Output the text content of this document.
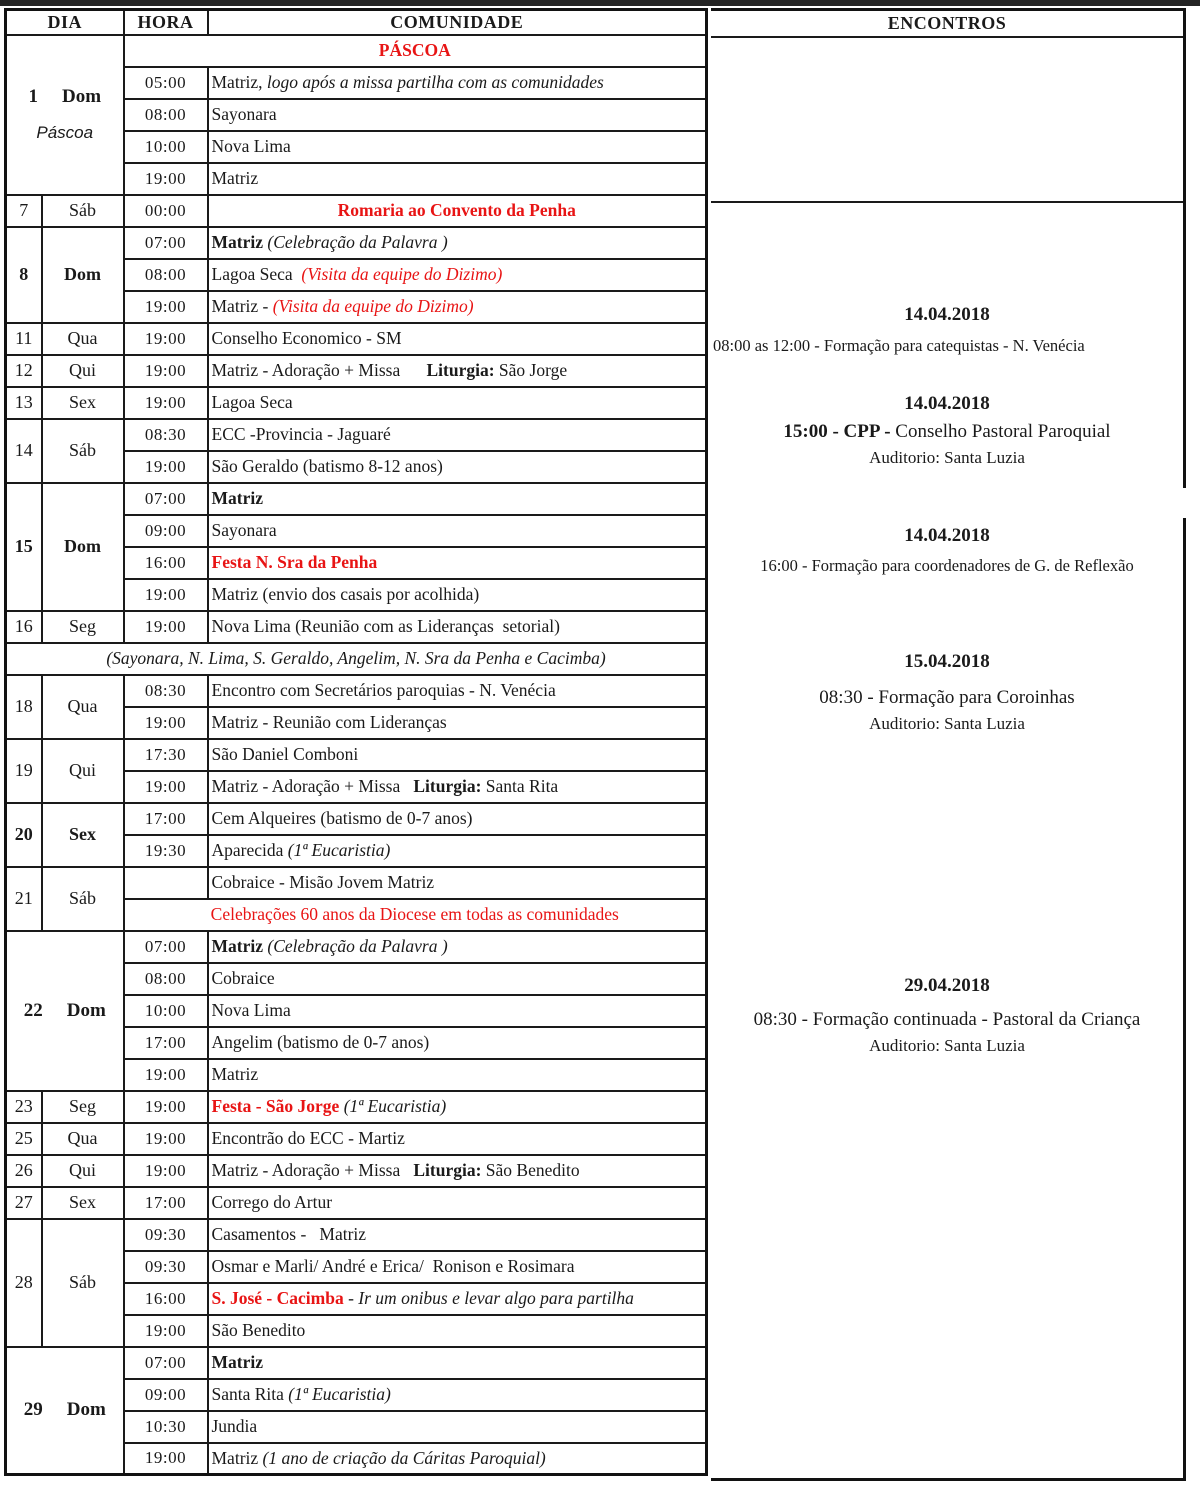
DIA		HORA	COMUNIDADE

1 Dom
Páscoa		PÁSCOA	
		05:00	Matriz, logo após a missa partilha com as comunidades
		08:00	Sayonara
		10:00	Nova Lima
		19:00	Matriz
7	Sáb	00:00	Romaria ao Convento da Penha
8	Dom	07:00	Matriz (Celebração da Palavra )
		08:00	Lagoa Seca  (Visita da equipe do Dizimo)
		19:00	Matriz - (Visita da equipe do Dizimo)
11	Qua	19:00	Conselho Economico - SM
12	Qui	19:00	Matriz - Adoração + Missa      Liturgia: São Jorge
13	Sex	19:00	Lagoa Seca
14	Sáb	08:30	ECC -Provincia - Jaguaré
		19:00	São Geraldo (batismo 8-12 anos)
15	Dom	07:00	Matriz
		09:00	Sayonara
		16:00	Festa N. Sra da Penha
		19:00	Matriz (envio dos casais por acolhida)
16	Seg	19:00	Nova Lima (Reunião com as Lideranças  setorial)
(Sayonara, N. Lima, S. Geraldo, Angelim, N. Sra da Penha e Cacimba)			
18	Qua	08:30	Encontro com Secretários paroquias - N. Venécia
		19:00	Matriz - Reunião com Lideranças
19	Qui	17:30	São Daniel Comboni
		19:00	Matriz - Adoração + Missa   Liturgia: Santa Rita
20	Sex	17:00	Cem Alqueires (batismo de 0-7 anos)
		19:30	Aparecida (1ª Eucaristia)
21	Sáb		Cobraice - Misão Jovem Matriz
		Celebrações 60 anos da Diocese em todas as comunidades	

22 Dom		07:00	Matriz (Celebração da Palavra )
		08:00	Cobraice
		10:00	Nova Lima
		17:00	Angelim (batismo de 0-7 anos)
		19:00	Matriz
23	Seg	19:00	Festa - São Jorge (1ª Eucaristia)
25	Qua	19:00	Encontrão do ECC - Martiz
26	Qui	19:00	Matriz - Adoração + Missa   Liturgia: São Benedito
27	Sex	17:00	Corrego do Artur
28	Sáb	09:30	Casamentos -   Matriz
		09:30	Osmar e Marli/ André e Erica/  Ronison e Rosimara
		16:00	S. José - Cacimba - Ir um onibus e levar algo para partilha
		19:00	São Benedito

29 Dom		07:00	Matriz
		09:00	Santa Rita (1ª Eucaristia)
		10:30	Jundia
		19:00	Matriz (1 ano de criação da Cáritas Paroquial)
ENCONTROS
14.04.2018
08:00 as 12:00 - Formação para catequistas - N. Venécia
14.04.2018
15:00 - CPP - Conselho Pastoral Paroquial
Auditorio: Santa Luzia
14.04.2018
16:00 - Formação para coordenadores de G. de Reflexão
15.04.2018
08:30 - Formação para Coroinhas
Auditorio: Santa Luzia
29.04.2018
08:30 - Formação continuada - Pastoral da Criança
Auditorio: Santa Luzia
